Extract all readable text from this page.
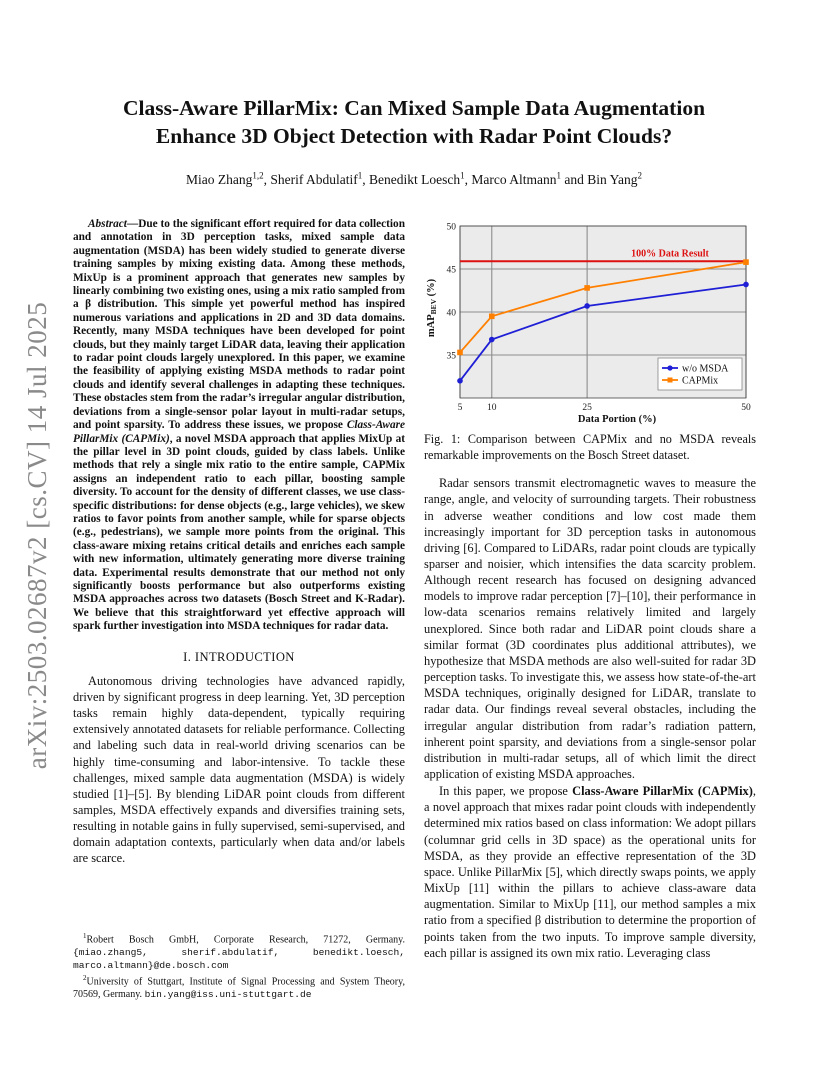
arXiv:2503.02687v2 [cs.CV] 14 Jul 2025
Class-Aware PillarMix: Can Mixed Sample Data Augmentation
Enhance 3D Object Detection with Radar Point Clouds?
Miao Zhang$^{1,2}$, Sherif Abdulatif$^1$, Benedikt Loesch$^1$, Marco Altmann$^1$ and Bin Yang$^2$

Abstract—Due to the significant effort required for data collection and annotation in 3D perception tasks, mixed sample data augmentation (MSDA) has been widely studied to generate diverse training samples by mixing existing data. Among these methods, MixUp is a prominent approach that generates new samples by linearly combining two existing ones, using a mix ratio sampled from a β distribution. This simple yet powerful method has inspired numerous variations and applications in 2D and 3D data domains. Recently, many MSDA techniques have been developed for point clouds, but they mainly target LiDAR data, leaving their application to radar point clouds largely unexplored. In this paper, we examine the feasibility of applying existing MSDA methods to radar point clouds and identify several challenges in adapting these techniques. These obstacles stem from the radar’s irregular angular distribution, deviations from a single-sensor polar layout in multi-radar setups, and point sparsity. To address these issues, we propose Class-Aware PillarMix (CAPMix), a novel MSDA approach that applies MixUp at the pillar level in 3D point clouds, guided by class labels. Unlike methods that rely a single mix ratio to the entire sample, CAPMix assigns an independent ratio to each pillar, boosting sample diversity. To account for the density of different classes, we use class-specific distributions: for dense objects (e.g., large vehicles), we skew ratios to favor points from another sample, while for sparse objects (e.g., pedestrians), we sample more points from the original. This class-aware mixing retains critical details and enriches each sample with new information, ultimately generating more diverse training data. Experimental results demonstrate that our method not only significantly boosts performance but also outperforms existing MSDA approaches across two datasets (Bosch Street and K-Radar). We believe that this straightforward yet effective approach will spark further investigation into MSDA techniques for radar data.

I. INTRODUCTION

Autonomous driving technologies have advanced rapidly, driven by significant progress in deep learning. Yet, 3D perception tasks remain highly data-dependent, typically requiring extensively annotated datasets for reliable performance. Collecting and labeling such data in real-world driving scenarios can be highly time-consuming and labor-intensive. To tackle these challenges, mixed sample data augmentation (MSDA) is widely studied [1]–[5]. By blending LiDAR point clouds from different samples, MSDA effectively expands and diversifies training sets, resulting in notable gains in fully supervised, semi-supervised, and domain adaptation contexts, particularly when data and/or labels are scarce.

$^1$Robert Bosch GmbH, Corporate Research, 71272, Germany. {miao.zhang5, sherif.abdulatif, benedikt.loesch, marco.altmann}@de.bosch.com

$^2$University of Stuttgart, Institute of Signal Processing and System Theory, 70569, Germany. bin.yang@iss.uni-stuttgart.de

5	10	25	50
35
40
45
50
Data Portion (%)
mAPBEV (%)
100% Data Result
w/o MSDA
CAPMix

Fig. 1: Comparison between CAPMix and no MSDA reveals remarkable improvements on the Bosch Street dataset.

Radar sensors transmit electromagnetic waves to measure the range, angle, and velocity of surrounding targets. Their robustness in adverse weather conditions and low cost made them increasingly important for 3D perception tasks in autonomous driving [6]. Compared to LiDARs, radar point clouds are typically sparser and noisier, which intensifies the data scarcity problem. Although recent research has focused on designing advanced models to improve radar perception [7]–[10], their performance in low-data scenarios remains relatively limited and largely unexplored. Since both radar and LiDAR point clouds share a similar format (3D coordinates plus additional attributes), we hypothesize that MSDA methods are also well-suited for radar 3D perception tasks. To investigate this, we assess how state-of-the-art MSDA techniques, originally designed for LiDAR, translate to radar data. Our findings reveal several obstacles, including the irregular angular distribution from radar’s radiation pattern, inherent point sparsity, and deviations from a single-sensor polar distribution in multi-radar setups, all of which limit the direct application of existing MSDA approaches.

In this paper, we propose Class-Aware PillarMix (CAPMix), a novel approach that mixes radar point clouds with independently determined mix ratios based on class information: We adopt pillars (columnar grid cells in 3D space) as the operational units for MSDA, as they provide an effective representation of the 3D space. Unlike PillarMix [5], which directly swaps points, we apply MixUp [11] within the pillars to achieve class-aware data augmentation. Similar to MixUp [11], our method samples a mix ratio from a specified β distribution to determine the proportion of points taken from the two inputs. To improve sample diversity, each pillar is assigned its own mix ratio. Leveraging class
